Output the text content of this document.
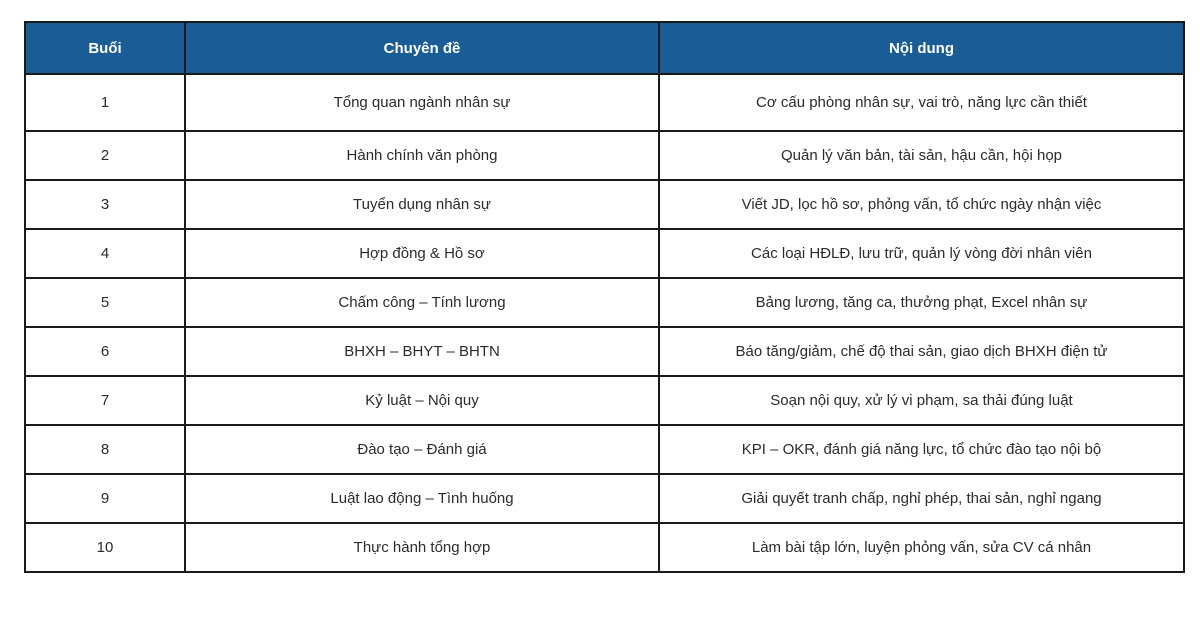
Buổi	Chuyên đề	Nội dung
1	Tổng quan ngành nhân sự	Cơ cấu phòng nhân sự, vai trò, năng lực cần thiết
2	Hành chính văn phòng	Quản lý văn bản, tài sản, hậu cần, hội họp
3	Tuyển dụng nhân sự	Viết JD, lọc hồ sơ, phỏng vấn, tổ chức ngày nhận việc
4	Hợp đồng & Hồ sơ	Các loại HĐLĐ, lưu trữ, quản lý vòng đời nhân viên
5	Chấm công – Tính lương	Bảng lương, tăng ca, thưởng phạt, Excel nhân sự
6	BHXH – BHYT – BHTN	Báo tăng/giảm, chế độ thai sản, giao dịch BHXH điện tử
7	Kỷ luật – Nội quy	Soạn nội quy, xử lý vi phạm, sa thải đúng luật
8	Đào tạo – Đánh giá	KPI – OKR, đánh giá năng lực, tổ chức đào tạo nội bộ
9	Luật lao động – Tình huống	Giải quyết tranh chấp, nghỉ phép, thai sản, nghỉ ngang
10	Thực hành tổng hợp	Làm bài tập lớn, luyện phỏng vấn, sửa CV cá nhân
